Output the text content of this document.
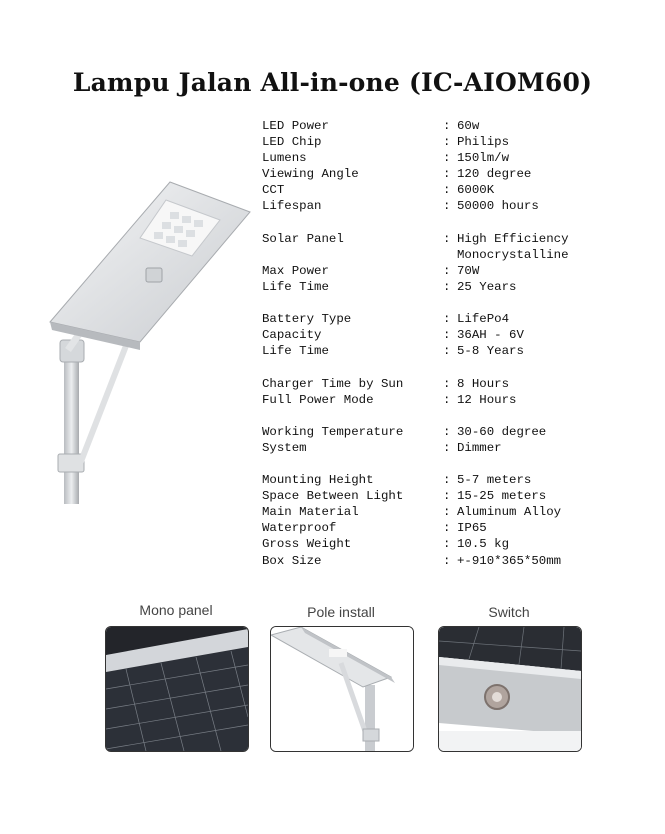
Lampu Jalan All-in-one (IC-AIOM60)
LED Power	: 60w
LED Chip	: Philips
Lumens	: 150lm/w
Viewing Angle	: 120 degree
CCT	: 6000K
Lifespan	: 50000 hours
Solar Panel	: High Efficiency
Monocrystalline
Max Power	: 70W
Life Time	: 25 Years
Battery Type	: LifePo4
Capacity	: 36AH - 6V
Life Time	: 5-8 Years
Charger Time by Sun	: 8 Hours
Full Power Mode	: 12 Hours
Working Temperature	: 30-60 degree
System	: Dimmer
Mounting Height	: 5-7 meters
Space Between Light	: 15-25 meters
Main Material	: Aluminum Alloy
Waterproof	: IP65
Gross Weight	: 10.5 kg
Box Size	: +-910*365*50mm
Mono panel	Pole install	Switch
